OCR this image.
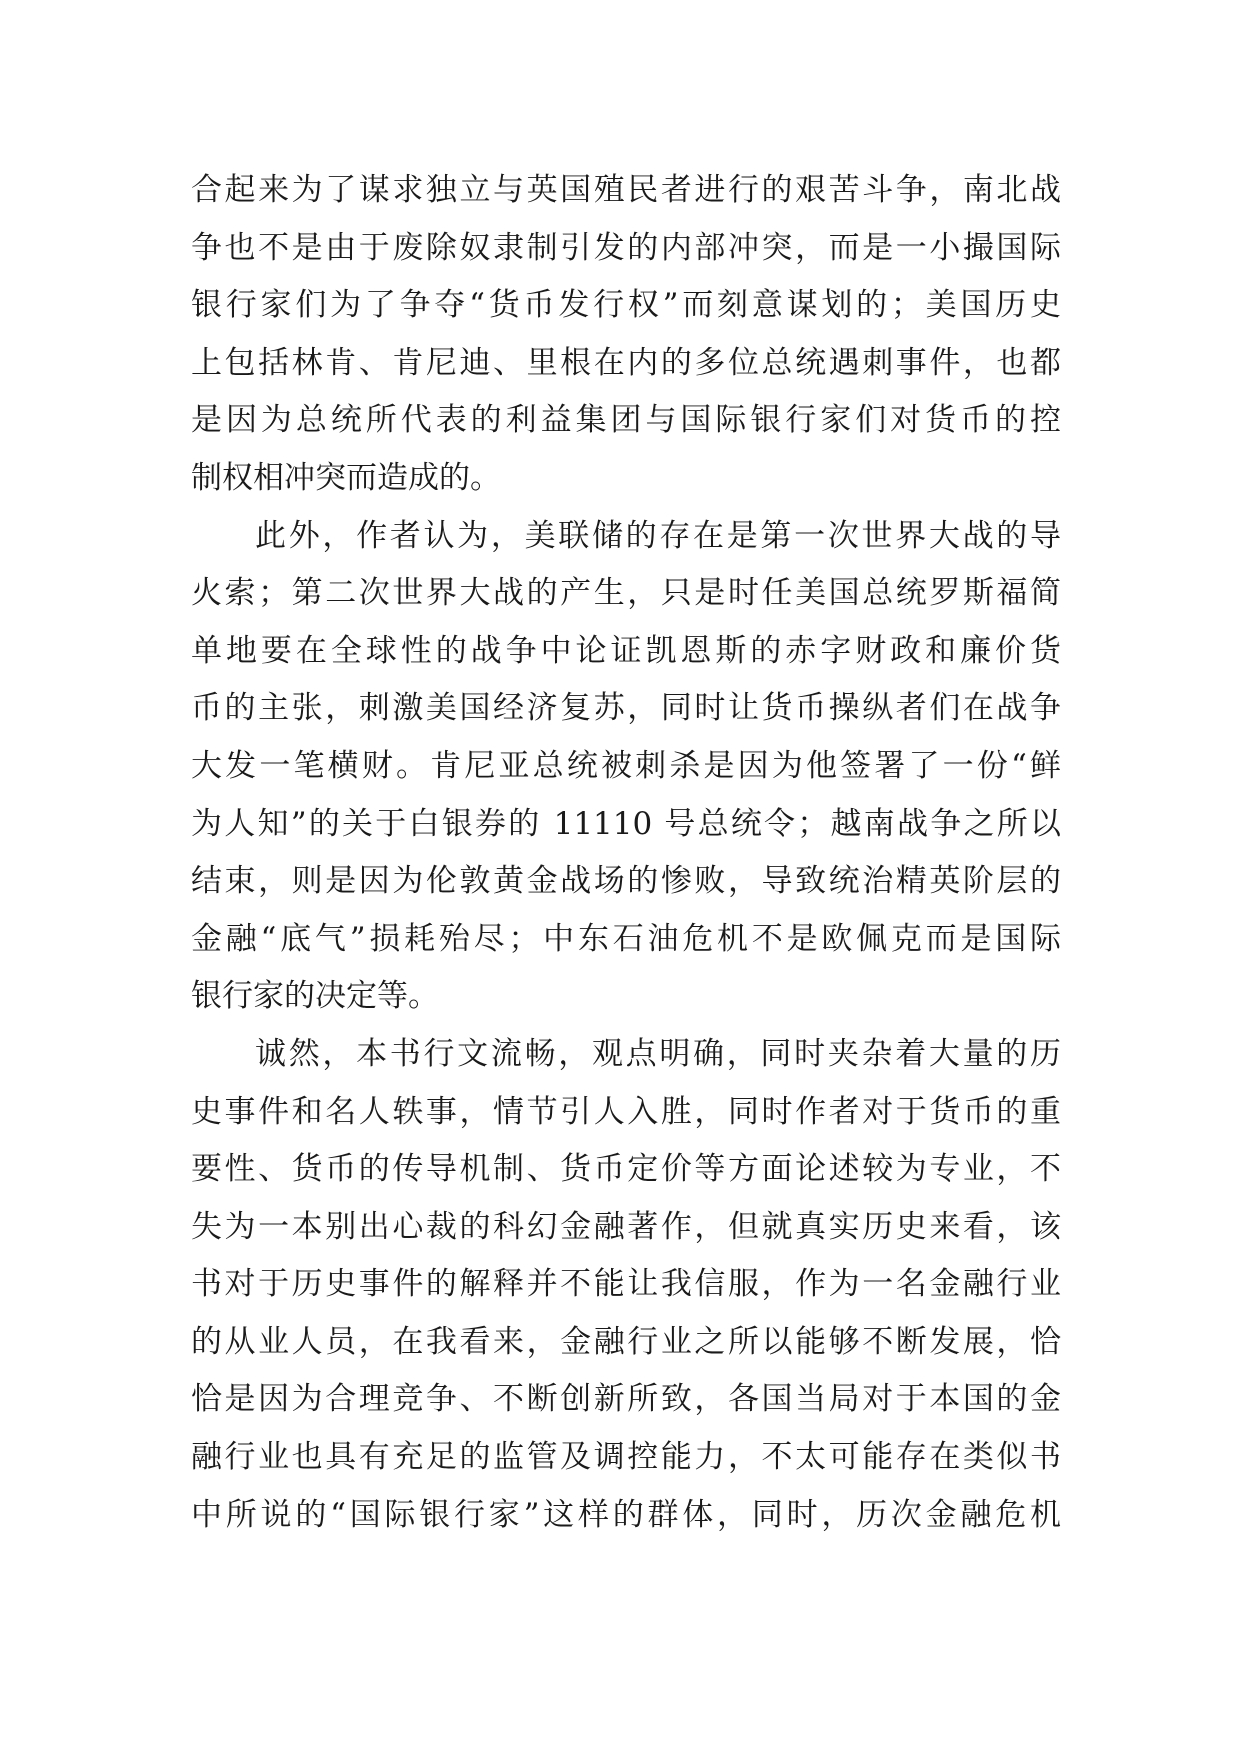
合起来为了谋求独立与英国殖民者进行的艰苦斗争，南北战
争也不是由于废除奴隶制引发的内部冲突，而是一小撮国际
银行家们为了争夺“货币发行权”而刻意谋划的；美国历史
上包括林肯、肯尼迪、里根在内的多位总统遇刺事件，也都
是因为总统所代表的利益集团与国际银行家们对货币的控
制权相冲突而造成的。

此外，作者认为，美联储的存在是第一次世界大战的导
火索；第二次世界大战的产生，只是时任美国总统罗斯福简
单地要在全球性的战争中论证凯恩斯的赤字财政和廉价货
币的主张，刺激美国经济复苏，同时让货币操纵者们在战争
大发一笔横财。肯尼亚总统被刺杀是因为他签署了一份“鲜
为人知”的关于白银券的 11110 号总统令；越南战争之所以
结束，则是因为伦敦黄金战场的惨败，导致统治精英阶层的
金融“底气”损耗殆尽；中东石油危机不是欧佩克而是国际
银行家的决定等。

诚然，本书行文流畅，观点明确，同时夹杂着大量的历
史事件和名人轶事，情节引人入胜，同时作者对于货币的重
要性、货币的传导机制、货币定价等方面论述较为专业，不
失为一本别出心裁的科幻金融著作，但就真实历史来看，该
书对于历史事件的解释并不能让我信服，作为一名金融行业
的从业人员，在我看来，金融行业之所以能够不断发展，恰
恰是因为合理竞争、不断创新所致，各国当局对于本国的金
融行业也具有充足的监管及调控能力，不太可能存在类似书
中所说的“国际银行家”这样的群体，同时，历次金融危机
